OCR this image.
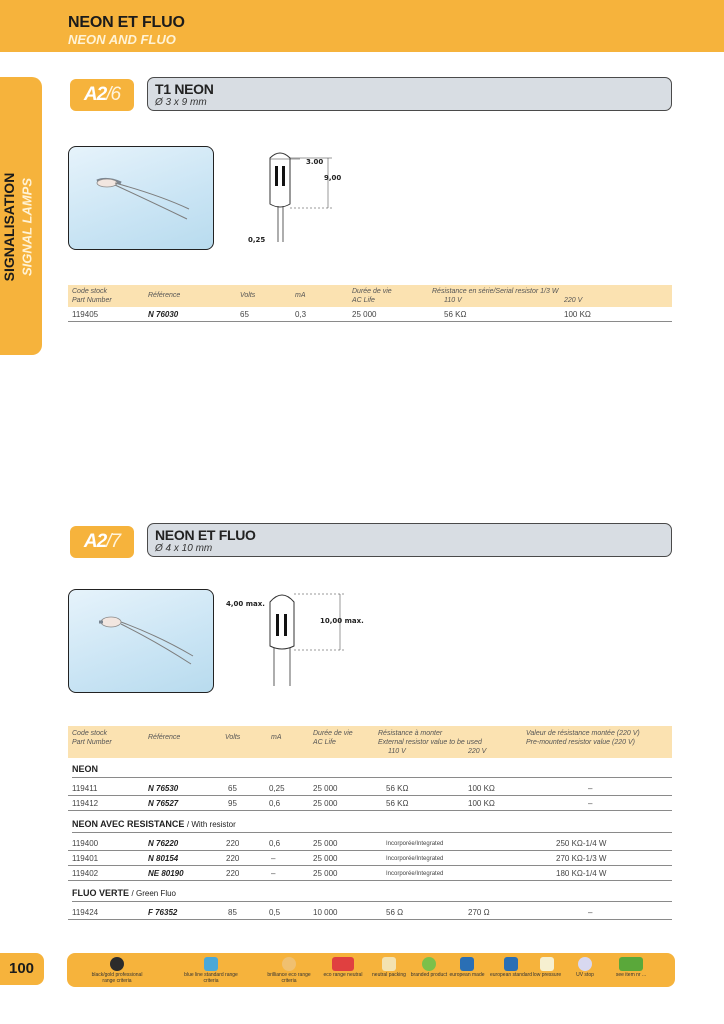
NEON ET FLUO
NEON AND FLUO
SIGNALISATION SIGNAL LAMPS
A2/6	T1 NEON
Ø 3 x 9 mm
3.00
9,00
0,25
Code stock
Part Number
Référence	Volts	mA
Durée de vie
AC Life
Résistance en série/Serial resistor 1/3 W
110 V	220 V
119405	N 76030	65	0,3	25 000	56 KΩ	100 KΩ
A2/7	NEON ET FLUO
Ø 4 x 10 mm
4,00 max.
10,00 max.
Code stock
Part Number
Référence	Volts	mA
Durée de vie
AC Life
Résistance à monter
External resistor value to be used
110 V	220 V
Valeur de résistance montée (220 V)
Pre-mounted resistor value (220 V)
NEON
119411	N 76530	65	0,25	25 000	56 KΩ	100 KΩ	–
119412	N 76527	95	0,6	25 000	56 KΩ	100 KΩ	–
NEON AVEC RESISTANCE / With resistor
119400	N 76220	220	0,6	25 000	Incorporée/Integrated	250 KΩ-1/4 W
119401	N 80154	220	–	25 000	Incorporée/Integrated	270 KΩ-1/3 W
119402	NE 80190	220	–	25 000	Incorporée/Integrated	180 KΩ-1/4 W
FLUO VERTE / Green Fluo
119424	F 76352	85	0,5	10 000	56 Ω	270 Ω	–
100	black/gold professional range criteria
blue line standard range criteria
brilliance eco range criteria
eco range neutral	neutral packing branded product european made	european standard low pressure	UV stop	see item nr ...
